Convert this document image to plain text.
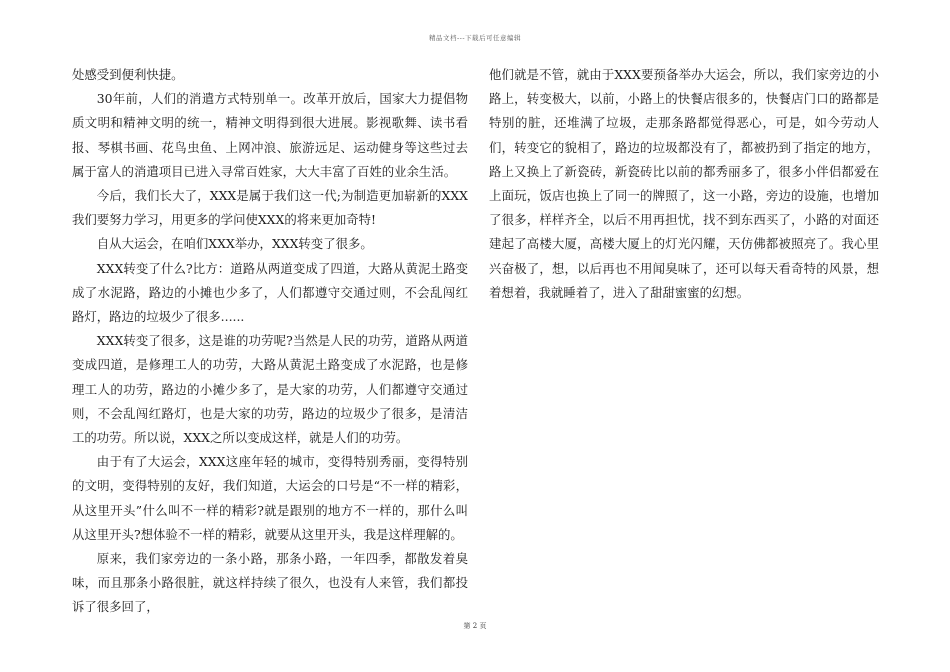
精品文档---下载后可任意编辑

处感受到便利快捷。

30年前，人们的消遣方式特别单一。改革开放后，国家大力提倡物质文明和精神文明的统一，精神文明得到很大进展。影视歌舞、读书看报、琴棋书画、花鸟虫鱼、上网冲浪、旅游远足、运动健身等这些过去属于富人的消遣项目已进入寻常百姓家，大大丰富了百姓的业余生活。

今后，我们长大了，XXX是属于我们这一代;为制造更加崭新的XXX我们要努力学习，用更多的学问使XXX的将来更加奇特!

自从大运会，在咱们XXX举办，XXX转变了很多。

XXX转变了什么?比方：道路从两道变成了四道，大路从黄泥土路变成了水泥路，路边的小摊也少多了，人们都遵守交通过则，不会乱闯红路灯，路边的垃圾少了很多......

XXX转变了很多，这是谁的功劳呢?当然是人民的功劳，道路从两道变成四道，是修理工人的功劳，大路从黄泥土路变成了水泥路，也是修理工人的功劳，路边的小摊少多了，是大家的功劳，人们都遵守交通过则，不会乱闯红路灯，也是大家的功劳，路边的垃圾少了很多，是清洁工的功劳。所以说，XXX之所以变成这样，就是人们的功劳。

由于有了大运会，XXX这座年轻的城市，变得特别秀丽，变得特别的文明，变得特别的友好，我们知道，大运会的口号是“不一样的精彩，从这里开头”什么叫不一样的精彩?就是跟别的地方不一样的，那什么叫从这里开头?想体验不一样的精彩，就要从这里开头，我是这样理解的。

原来，我们家旁边的一条小路，那条小路，一年四季，都散发着臭味，而且那条小路很脏，就这样持续了很久，也没有人来管，我们都投诉了很多回了，

他们就是不管，就由于XXX要预备举办大运会，所以，我们家旁边的小路上，转变极大，以前，小路上的快餐店很多的，快餐店门口的路都是特别的脏，还堆满了垃圾，走那条路都觉得恶心，可是，如今劳动人们，转变它的貌相了，路边的垃圾都没有了，都被扔到了指定的地方，路上又换上了新瓷砖，新瓷砖比以前的都秀丽多了，很多小伴侣都爱在上面玩，饭店也换上了同一的牌照了，这一小路，旁边的设施，也增加了很多，样样齐全，以后不用再担忧，找不到东西买了，小路的对面还建起了高楼大厦，高楼大厦上的灯光闪耀，天仿佛都被照亮了。我心里兴奋极了，想，以后再也不用闻臭味了，还可以每天看奇特的风景，想着想着，我就睡着了，进入了甜甜蜜蜜的幻想。

第 2 页
